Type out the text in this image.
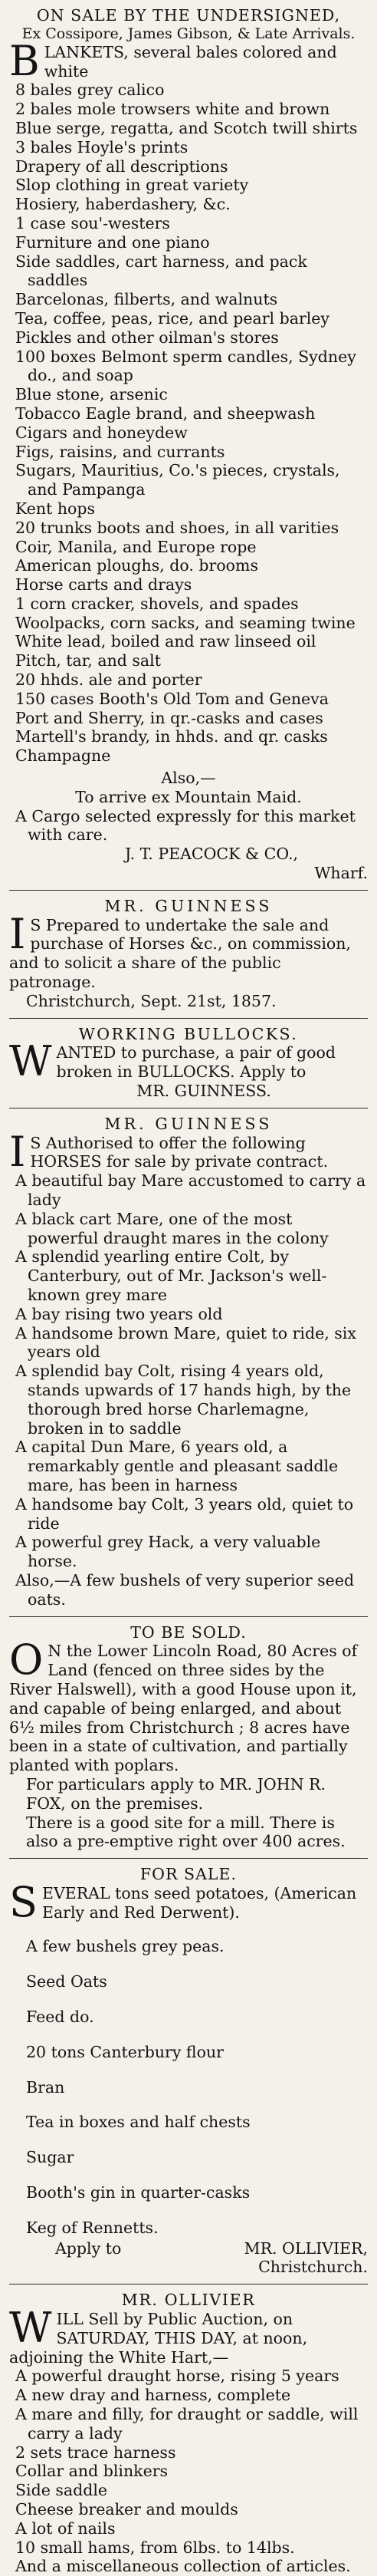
ON SALE BY THE UNDERSIGNED,
Ex Cossipore, James Gibson, & Late Arrivals.
BLANKETS, several bales colored and white
8 bales grey calico
2 bales mole trowsers white and brown
Blue serge, regatta, and Scotch twill shirts
3 bales Hoyle's prints
Drapery of all descriptions
Slop clothing in great variety
Hosiery, haberdashery, &c.
1 case sou'-westers
Furniture and one piano
Side saddles, cart harness, and pack saddles
Barcelonas, filberts, and walnuts
Tea, coffee, peas, rice, and pearl barley
Pickles and other oilman's stores
100 boxes Belmont sperm candles, Sydney do., and soap
Blue stone, arsenic
Tobacco Eagle brand, and sheepwash
Cigars and honeydew
Figs, raisins, and currants
Sugars, Mauritius, Co.'s pieces, crystals, and Pampanga
Kent hops
20 trunks boots and shoes, in all varities
Coir, Manila, and Europe rope
American ploughs, do. brooms
Horse carts and drays
1 corn cracker, shovels, and spades
Woolpacks, corn sacks, and seaming twine
White lead, boiled and raw linseed oil
Pitch, tar, and salt
20 hhds. ale and porter
150 cases Booth's Old Tom and Geneva
Port and Sherry, in qr.-casks and cases
Martell's brandy, in hhds. and qr. casks
Champagne
Also,—
To arrive ex Mountain Maid.
A Cargo selected expressly for this market with care.
J. T. PEACOCK & CO.,
Wharf.
MR. GUINNESS
I S Prepared to undertake the sale and purchase of Horses &c., on commission, and to solicit a share of the public patronage.
Christchurch, Sept. 21st, 1857.
WORKING BULLOCKS.
WANTED to purchase, a pair of good broken in BULLOCKS. Apply to
MR. GUINNESS.
MR. GUINNESS
I S Authorised to offer the following HORSES for sale by private contract.
A beautiful bay Mare accustomed to carry a lady
A black cart Mare, one of the most powerful draught mares in the colony
A splendid yearling entire Colt, by Canterbury, out of Mr. Jackson's well-known grey mare
A bay rising two years old
A handsome brown Mare, quiet to ride, six years old
A splendid bay Colt, rising 4 years old, stands upwards of 17 hands high, by the thorough bred horse Charlemagne, broken in to saddle
A capital Dun Mare, 6 years old, a remarkably gentle and pleasant saddle mare, has been in harness
A handsome bay Colt, 3 years old, quiet to ride
A powerful grey Hack, a very valuable horse.
Also,—A few bushels of very superior seed oats.
TO BE SOLD.
O N the Lower Lincoln Road, 80 Acres of Land (fenced on three sides by the River Halswell), with a good House upon it, and capable of being enlarged, and about 6½ miles from Christchurch ; 8 acres have been in a state of cultivation, and partially planted with poplars.
For particulars apply to MR. JOHN R. FOX, on the premises.
There is a good site for a mill. There is also a pre-emptive right over 400 acres.
FOR SALE.
SEVERAL tons seed potatoes, (American Early and Red Derwent).
A few bushels grey peas.
Seed Oats
Feed do.
20 tons Canterbury flour
Bran
Tea in boxes and half chests
Sugar
Booth's gin in quarter-casks
Keg of Rennetts.
Apply to	MR. OLLIVIER,
Christchurch.
MR. OLLIVIER
WILL Sell by Public Auction, on SATURDAY, THIS DAY, at noon, adjoining the White Hart,—
A powerful draught horse, rising 5 years
A new dray and harness, complete
A mare and filly, for draught or saddle, will carry a lady
2 sets trace harness
Collar and blinkers
Side saddle
Cheese breaker and moulds
A lot of nails
10 small hams, from 6lbs. to 14lbs.
And a miscellaneous collection of articles.
